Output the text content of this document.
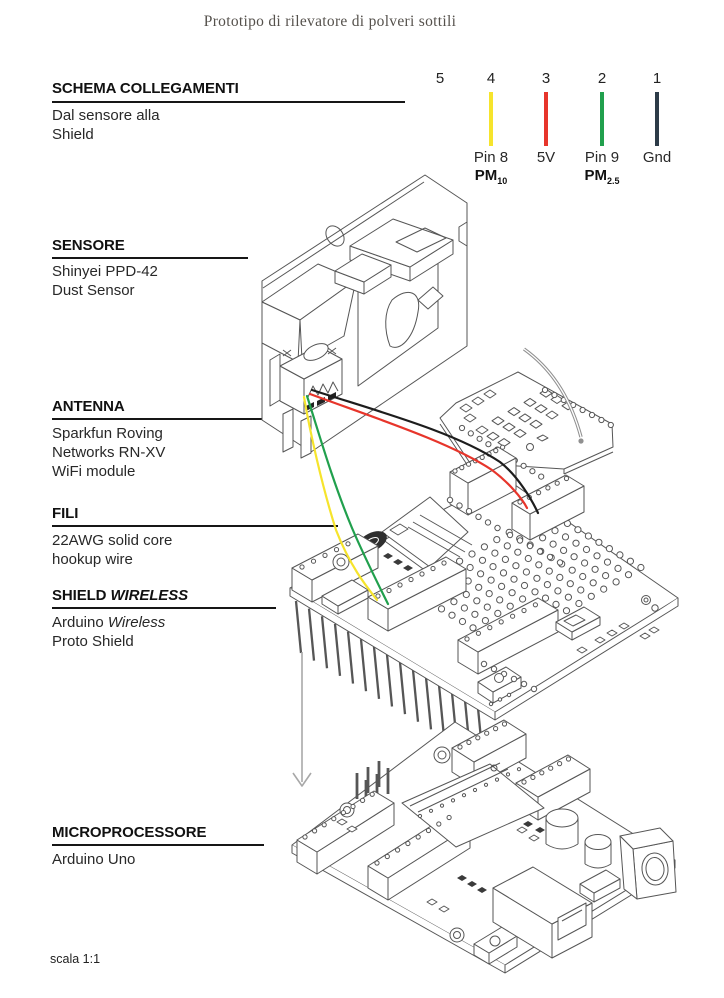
Prototipo di rilevatore di polveri sottili
SCHEMA COLLEGAMENTI
Dal sensore alla
Shield
SENSORE
Shinyei PPD-42
Dust Sensor
ANTENNA
Sparkfun Roving
Networks RN-XV
WiFi module
FILI
22AWG solid core
hookup wire
SHIELD WIRELESS
Arduino Wireless
Proto Shield
MICROPROCESSORE
Arduino Uno
scala 1:1
5	4
Pin 8
$PM_{10}$
3
5V
2
Pin 9
$PM_{2.5}$
1
Gnd
